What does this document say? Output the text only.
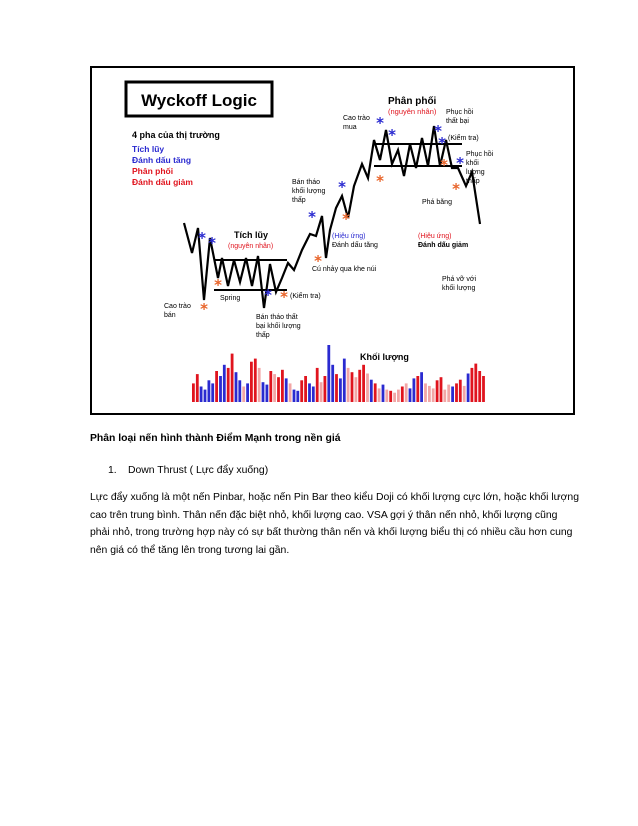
Wyckoff Logic
4 pha của thị trường
Tích lũy
Đánh dấu tăng
Phân phối
Đánh dấu giảm
* *
*
*
* *
*
*
*
*
*
*
*
*
*
* *
*
Phân phối
(nguyên nhân)
Cao trào
mua
Phục hồi
thất bại
(Kiểm tra)
Phục hồi
khối
lượng
thấp
Phá băng
(Hiệu ứng)
Đánh dấu giảm
Phá vỡ với
khối lượng
Bán tháo
khối lượng
thấp
(Hiệu ứng)
Đánh dấu tăng
Cú nhảy qua khe núi
Tích lũy
(nguyên nhân)
(Kiểm tra)
Spring
Cao trào
bán	Bán tháo thất
bại khối lượng
thấp
Khối lượng
Phân loại nến hình thành Điểm Mạnh trong nền giá
1. Down Thrust ( Lực đẩy xuống)
Lực đẩy xuống là một nến Pinbar, hoặc nến Pin Bar theo kiểu Doji có khối lượng cực lớn, hoặc khối lượng
cao trên trung bình. Thân nến đặc biệt nhỏ, khối lượng cao. VSA gợi ý thân nến nhỏ, khối lượng cũng
phải nhỏ, trong trường hợp này có sự bất thường thân nến và khối lượng biểu thị có nhiều cầu hơn cung
nên giá có thể tăng lên trong tương lai gần.
